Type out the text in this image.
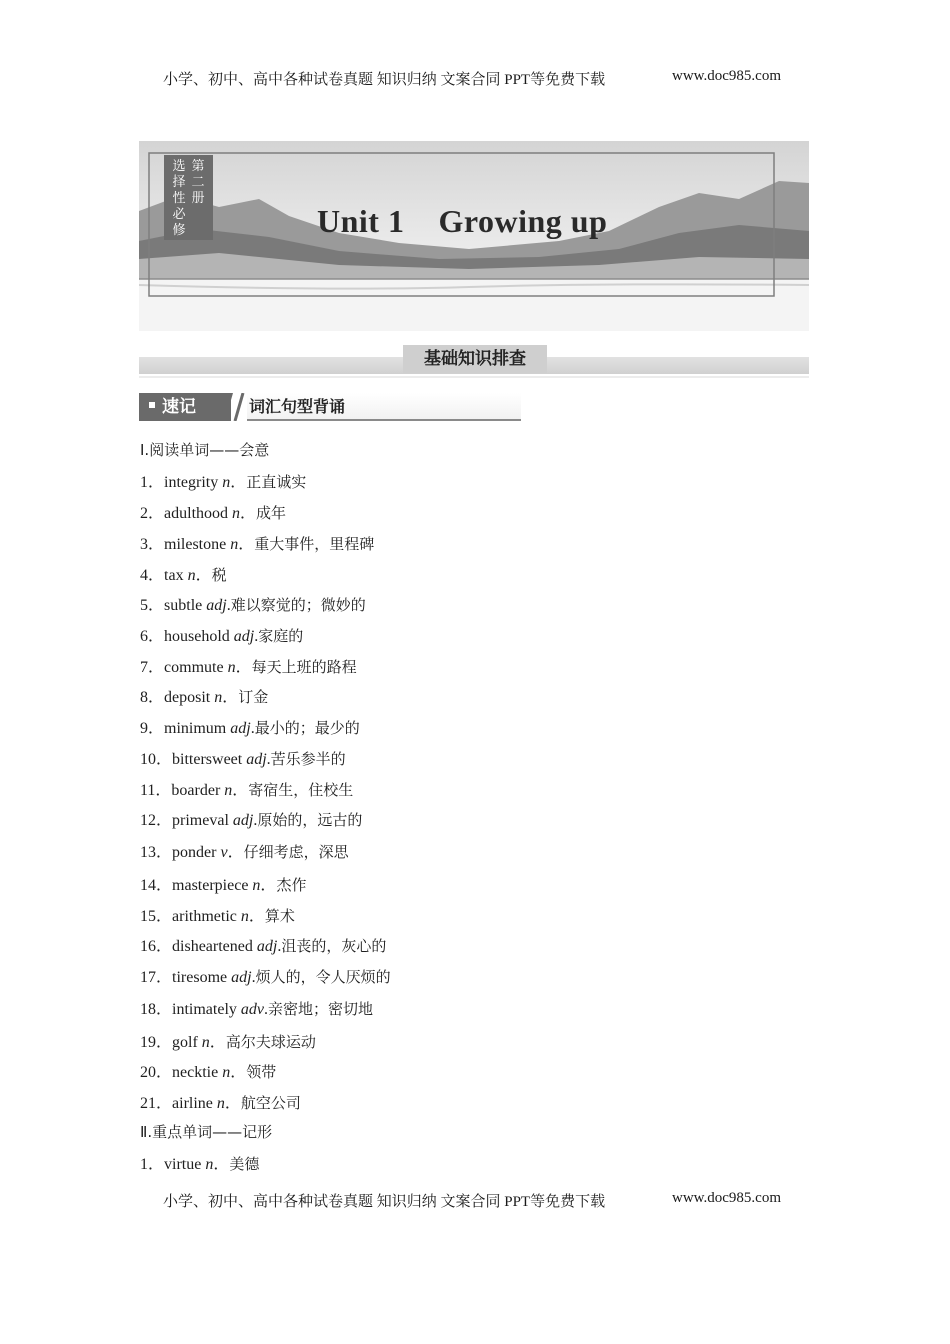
小学、初中、高中各种试卷真题 知识归纳 文案合同 PPT等免费下载	www.doc985.com
第
二
册
选
择
性
必
修	Unit 1    Growing up
基础知识排查
速记	词汇句型背诵
Ⅰ.阅读单词——会意
1．integrity n．正直诚实
2．adulthood n．成年
3．milestone n．重大事件，里程碑
4．tax n．税
5．subtle adj.难以察觉的；微妙的
6．household adj.家庭的
7．commute n．每天上班的路程
8．deposit n．订金
9．minimum adj.最小的；最少的
10．bittersweet adj.苦乐参半的
11．boarder n．寄宿生，住校生
12．primeval adj.原始的，远古的
13．ponder v．仔细考虑，深思
14．masterpiece n．杰作
15．arithmetic n．算术
16．disheartened adj.沮丧的，灰心的
17．tiresome adj.烦人的，令人厌烦的
18．intimately adv.亲密地；密切地
19．golf n．高尔夫球运动
20．necktie n．领带
21．airline n．航空公司
Ⅱ.重点单词——记形
1．virtue n．美德
小学、初中、高中各种试卷真题 知识归纳 文案合同 PPT等免费下载	www.doc985.com
